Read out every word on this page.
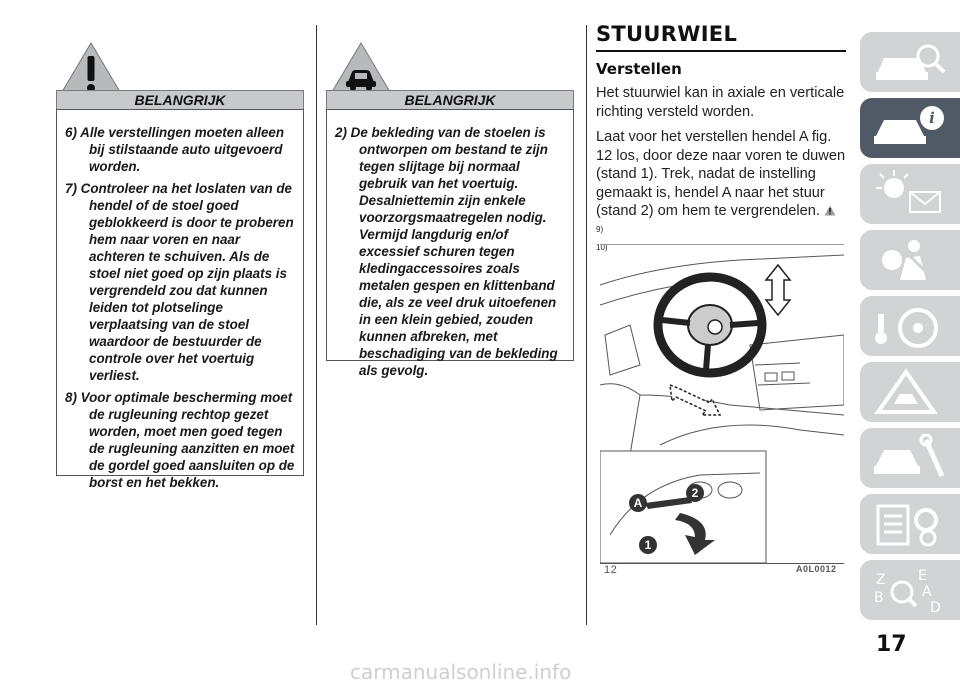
BELANGRIJK
6) Alle verstellingen moeten alleen bij stilstaande auto uitgevoerd worden.
7) Controleer na het loslaten van de hendel of de stoel goed geblokkeerd is door te proberen hem naar voren en naar achteren te schuiven. Als de stoel niet goed op zijn plaats is vergrendeld zou dat kunnen leiden tot plotselinge verplaatsing van de stoel waardoor de bestuurder de controle over het voertuig verliest.
8) Voor optimale bescherming moet de rugleuning rechtop gezet worden, moet men goed tegen de rugleuning aanzitten en moet de gordel goed aansluiten op de borst en het bekken.
BELANGRIJK
2) De bekleding van de stoelen is ontworpen om bestand te zijn tegen slijtage bij normaal gebruik van het voertuig. Desalniettemin zijn enkele voorzorgsmaatregelen nodig. Vermijd langdurig en/of excessief schuren tegen kledingaccessoires zoals metalen gespen en klittenband die, als ze veel druk uitoefenen in een klein gebied, zouden kunnen afbreken, met beschadiging van de bekleding als gevolg.
STUURWIEL
Verstellen
Het stuurwiel kan in axiale en verticale richting versteld worden.
Laat voor het verstellen hendel A fig. 12 los, door deze naar voren te duwen (stand 1). Trek, nadat de instelling gemaakt is, hendel A naar het stuur (stand 2) om hem te vergrendelen.  $^{9)}$
10)
A
2
1
12	A0L0012
i
Z E
A
B
D
17
carmanualsonline.info
